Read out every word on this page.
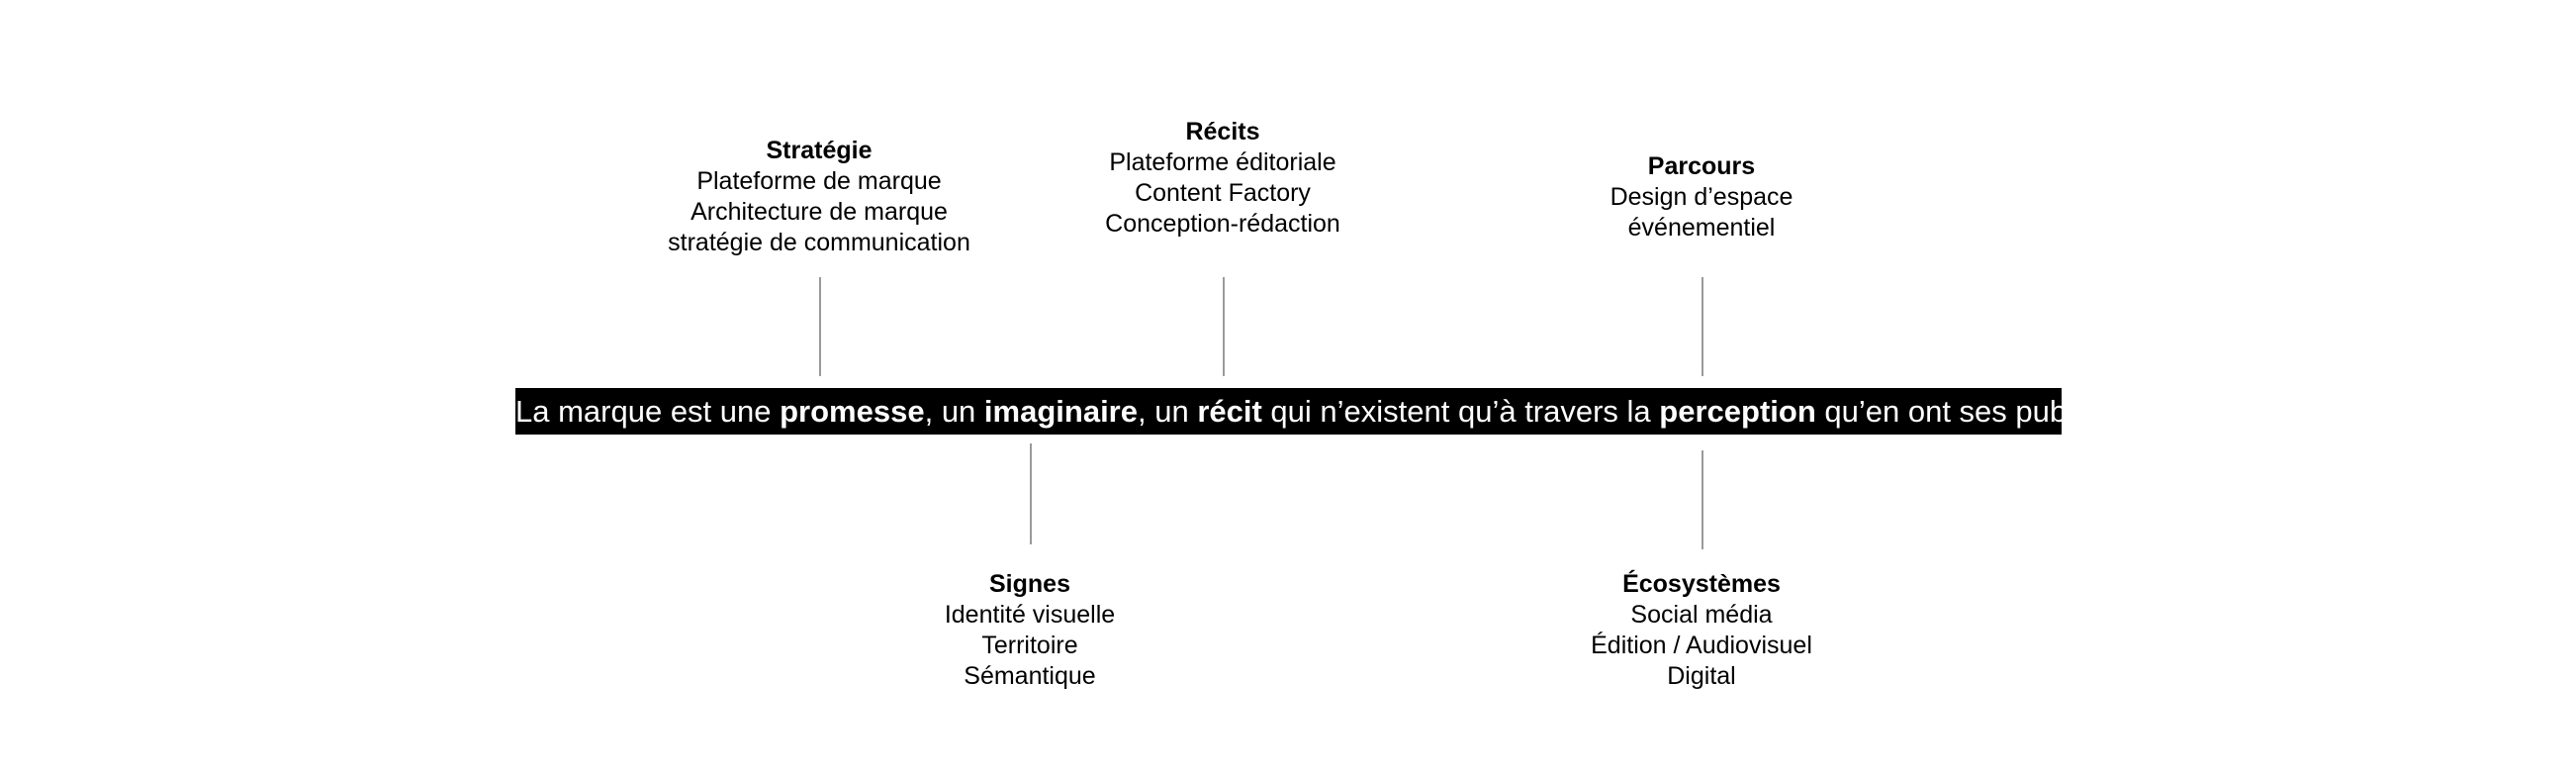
Stratégie
Plateforme de marque
Architecture de marque
stratégie de communication
Récits
Plateforme éditoriale
Content Factory
Conception-rédaction
Parcours
Design d’espace
événementiel
La marque est une promesse, un imaginaire, un récit qui n’existent qu’à travers la perception qu’en ont ses publics
Signes
Identité visuelle
Territoire
Sémantique
Écosystèmes
Social média
Édition / Audiovisuel
Digital
